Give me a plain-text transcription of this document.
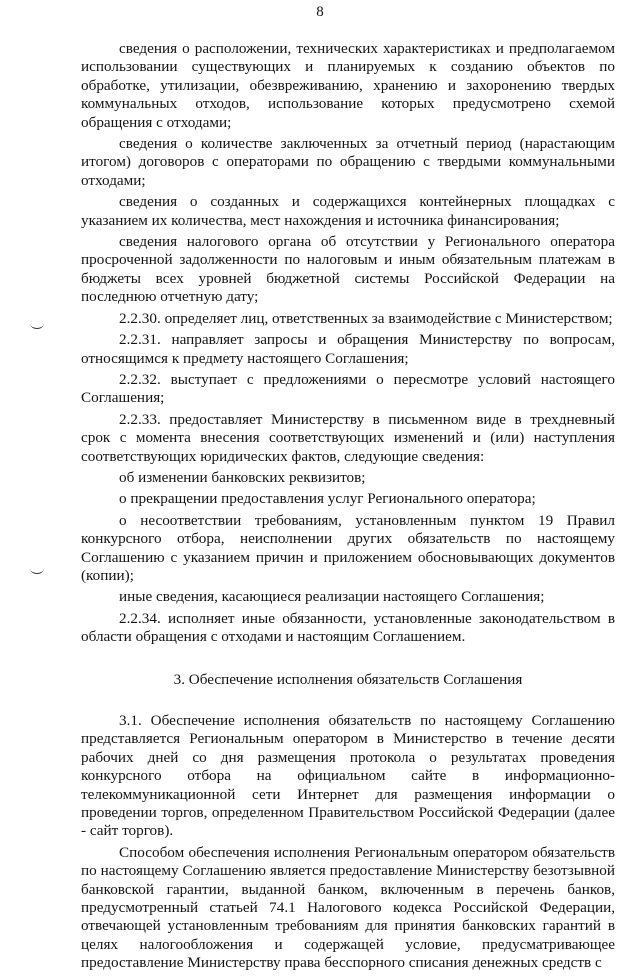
8

сведения о расположении, технических характеристиках и предполагаемом использовании существующих и планируемых к созданию объектов по обработке, утилизации, обезвреживанию, хранению и захоронению твердых коммунальных отходов, использование которых предусмотрено схемой обращения с отходами;

сведения о количестве заключенных за отчетный период (нарастающим итогом) договоров с операторами по обращению с твердыми коммунальными отходами;

сведения о созданных и содержащихся контейнерных площадках с указанием их количества, мест нахождения и источника финансирования;

сведения налогового органа об отсутствии у Регионального оператора просроченной задолженности по налоговым и иным обязательным платежам в бюджеты всех уровней бюджетной системы Российской Федерации на последнюю отчетную дату;

2.2.30. определяет лиц, ответственных за взаимодействие с Министерством;

2.2.31. направляет запросы и обращения Министерству по вопросам, относящимся к предмету настоящего Соглашения;

2.2.32. выступает с предложениями о пересмотре условий настоящего Соглашения;

2.2.33. предоставляет Министерству в письменном виде в трехдневный срок с момента внесения соответствующих изменений и (или) наступления соответствующих юридических фактов, следующие сведения:

об изменении банковских реквизитов;

о прекращении предоставления услуг Регионального оператора;

о несоответствии требованиям, установленным пунктом 19 Правил конкурсного отбора, неисполнении других обязательств по настоящему Соглашению с указанием причин и приложением обосновывающих документов (копии);

иные сведения, касающиеся реализации настоящего Соглашения;

2.2.34. исполняет иные обязанности, установленные законодательством в области обращения с отходами и настоящим Соглашением.

3. Обеспечение исполнения обязательств Соглашения

3.1. Обеспечение исполнения обязательств по настоящему Соглашению представляется Региональным оператором в Министерство в течение десяти рабочих дней со дня размещения протокола о результатах проведения конкурсного отбора на официальном сайте в информационно-телекоммуникационной сети Интернет для размещения информации о проведении торгов, определенном Правительством Российской Федерации (далее - сайт торгов).

Способом обеспечения исполнения Региональным оператором обязательств по настоящему Соглашению является предоставление Министерству безотзывной банковской гарантии, выданной банком, включенным в перечень банков, предусмотренный статьей 74.1 Налогового кодекса Российской Федерации, отвечающей установленным требованиям для принятия банковских гарантий в целях налогообложения и содержащей условие, предусматривающее предоставление Министерству права бесспорного списания денежных средств с
